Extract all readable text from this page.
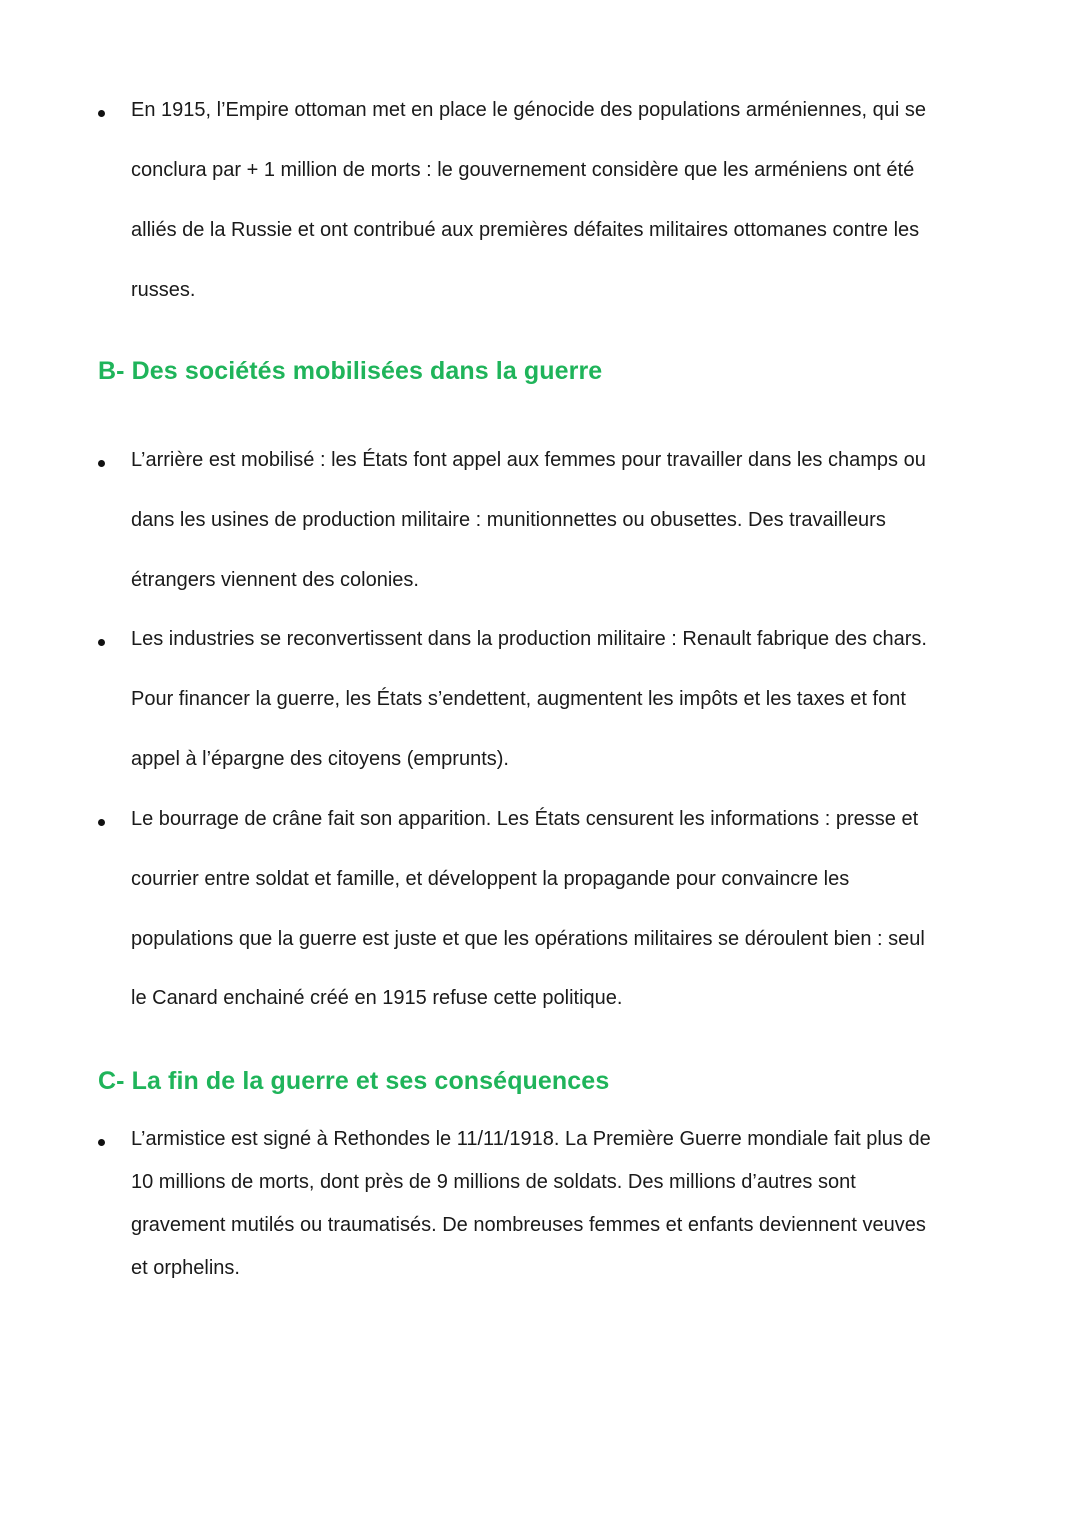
En 1915, l’Empire ottoman met en place le génocide des populations arméniennes, qui se

conclura par + 1 million de morts : le gouvernement considère que les arméniens ont été

alliés de la Russie et ont contribué aux premières défaites militaires ottomanes contre les

russes.

B- Des sociétés mobilisées dans la guerre

L’arrière est mobilisé : les États font appel aux femmes pour travailler dans les champs ou

dans les usines de production militaire : munitionnettes ou obusettes. Des travailleurs

étrangers viennent des colonies.

Les industries se reconvertissent dans la production militaire : Renault fabrique des chars.

Pour financer la guerre, les États s’endettent, augmentent les impôts et les taxes et font

appel à l’épargne des citoyens (emprunts).

Le bourrage de crâne fait son apparition. Les États censurent les informations : presse et

courrier entre soldat et famille, et développent la propagande pour convaincre les

populations que la guerre est juste et que les opérations militaires se déroulent bien : seul

le Canard enchainé créé en 1915 refuse cette politique.

C- La fin de la guerre et ses conséquences

L’armistice est signé à Rethondes le 11/11/1918. La Première Guerre mondiale fait plus de

10 millions de morts, dont près de 9 millions de soldats. Des millions d’autres sont

gravement mutilés ou traumatisés. De nombreuses femmes et enfants deviennent veuves

et orphelins.
